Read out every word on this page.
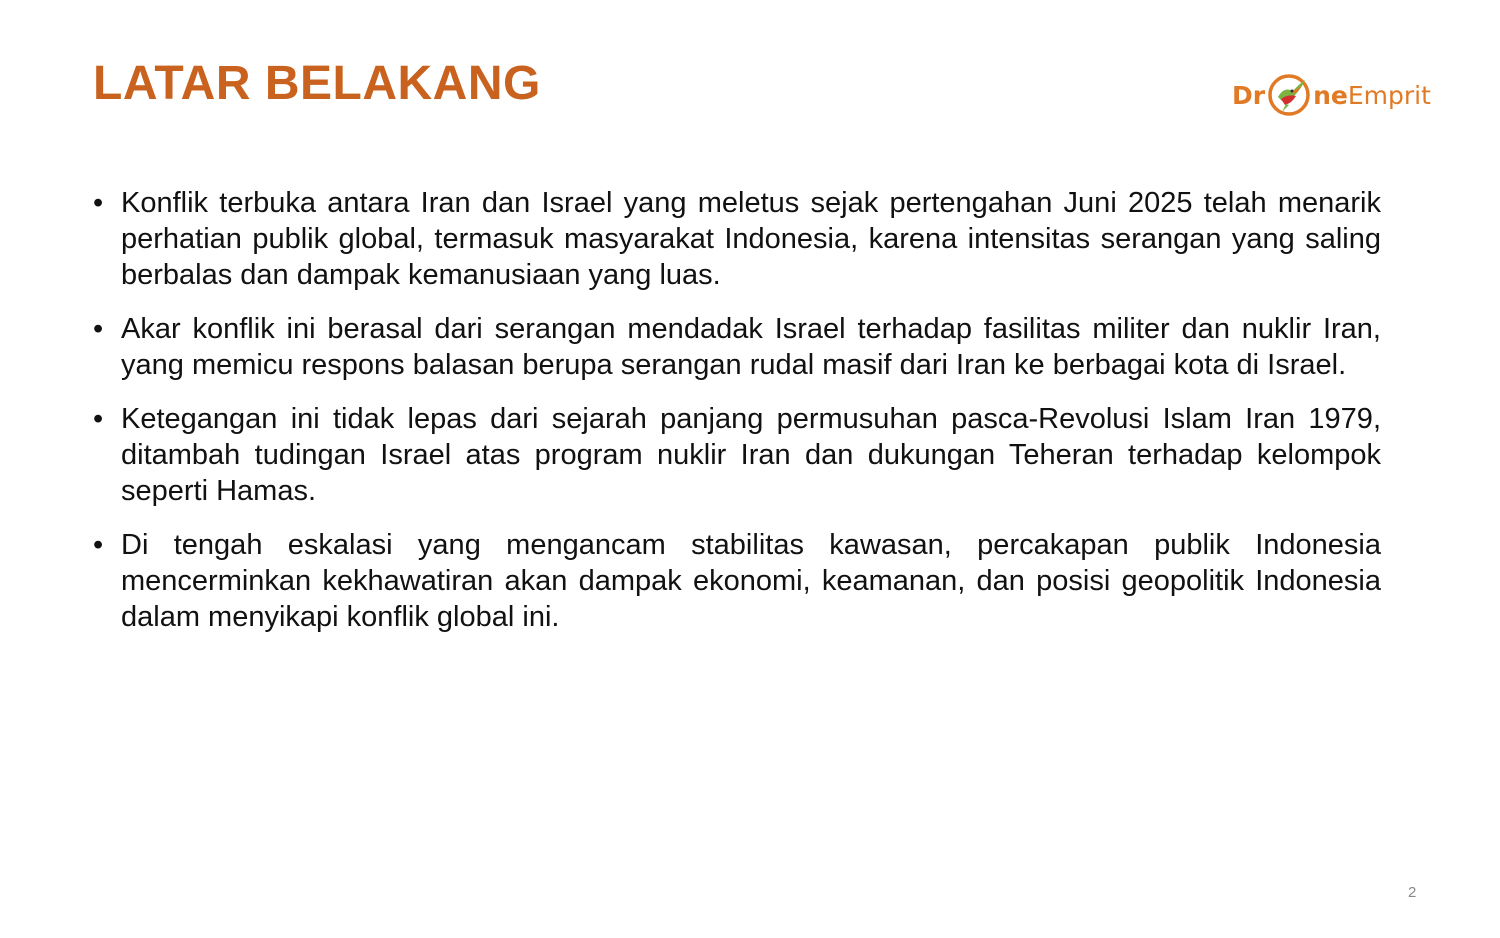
LATAR BELAKANG	Dr ne Emprit
• Konflik terbuka antara Iran dan Israel yang meletus sejak pertengahan Juni 2025 telah menarik perhatian publik global, termasuk masyarakat Indonesia, karena intensitas serangan yang saling berbalas dan dampak kemanusiaan yang luas.
• Akar konflik ini berasal dari serangan mendadak Israel terhadap fasilitas militer dan nuklir Iran, yang memicu respons balasan berupa serangan rudal masif dari Iran ke berbagai kota di Israel.
• Ketegangan ini tidak lepas dari sejarah panjang permusuhan pasca-Revolusi Islam Iran 1979, ditambah tudingan Israel atas program nuklir Iran dan dukungan Teheran terhadap kelompok seperti Hamas.
• Di tengah eskalasi yang mengancam stabilitas kawasan, percakapan publik Indonesia mencerminkan kekhawatiran akan dampak ekonomi, keamanan, dan posisi geopolitik Indonesia dalam menyikapi konflik global ini.
2
